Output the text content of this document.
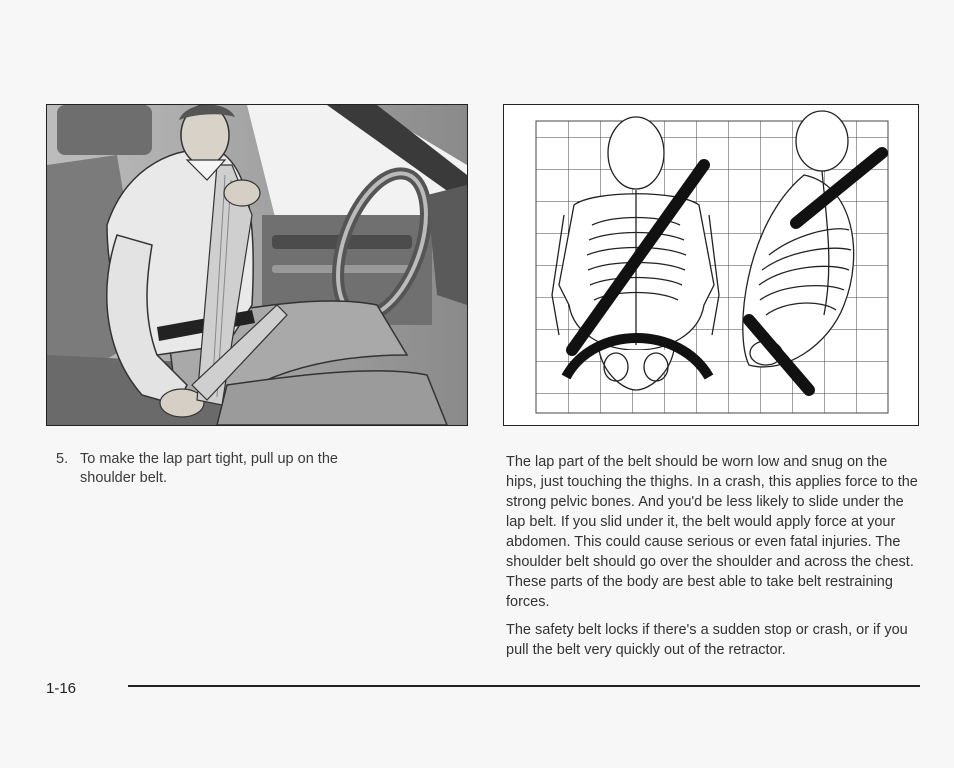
5. To make the lap part tight, pull up on the shoulder belt.

The lap part of the belt should be worn low and snug on the hips, just touching the thighs. In a crash, this applies force to the strong pelvic bones. And you'd be less likely to slide under the lap belt. If you slid under it, the belt would apply force at your abdomen. This could cause serious or even fatal injuries. The shoulder belt should go over the shoulder and across the chest. These parts of the body are best able to take belt restraining forces.

The safety belt locks if there's a sudden stop or crash, or if you pull the belt very quickly out of the retractor.

1-16
